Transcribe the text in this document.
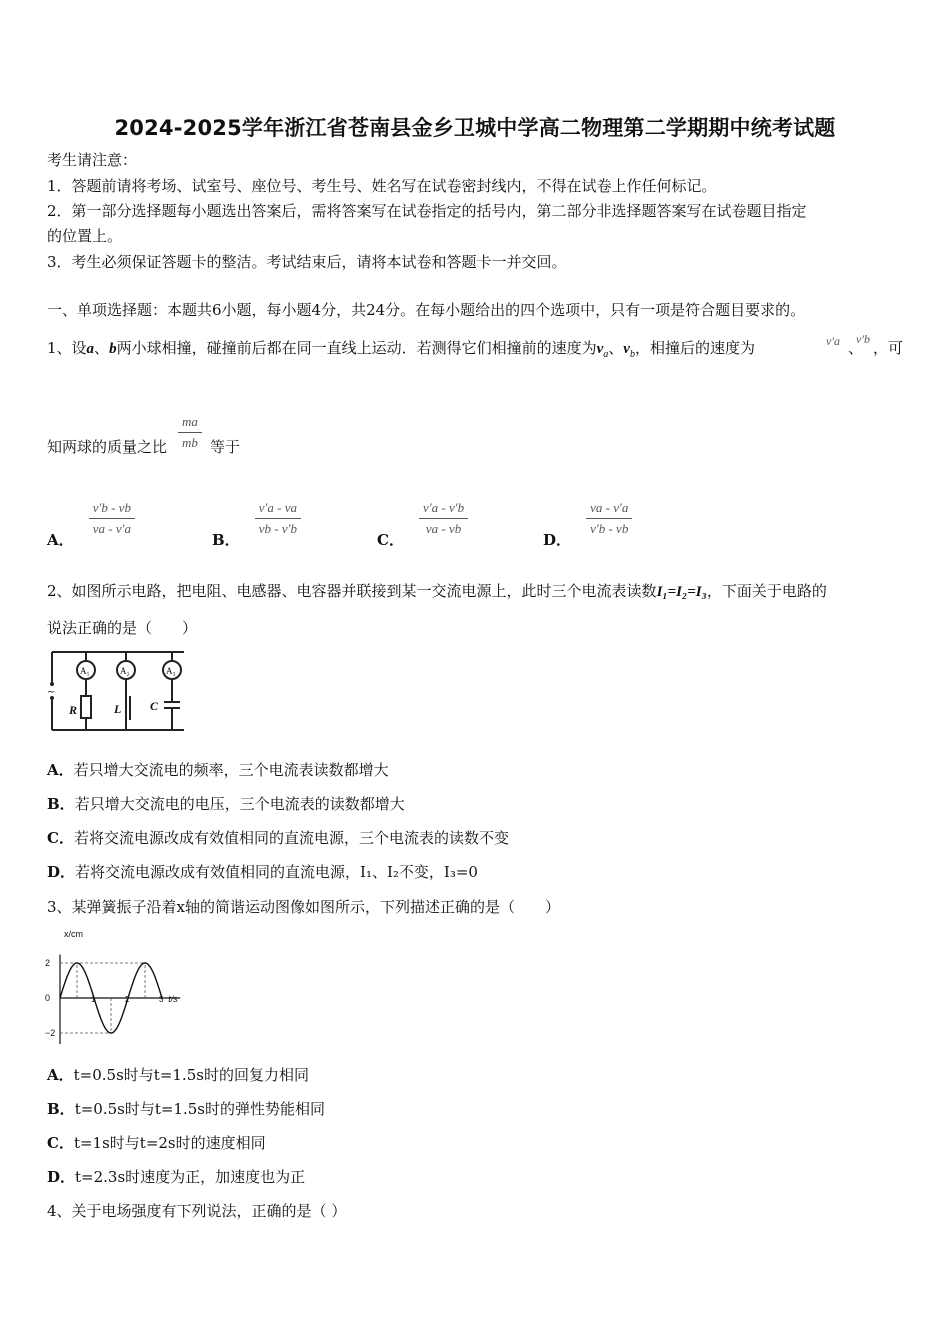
2024-2025学年浙江省苍南县金乡卫城中学高二物理第二学期期中统考试题
考生请注意：
1．答题前请将考场、试室号、座位号、考生号、姓名写在试卷密封线内，不得在试卷上作任何标记。
2．第一部分选择题每小题选出答案后，需将答案写在试卷指定的括号内，第二部分非选择题答案写在试卷题目指定
的位置上。
3．考生必须保证答题卡的整洁。考试结束后，请将本试卷和答题卡一并交回。
一、单项选择题：本题共6小题，每小题4分，共24分。在每小题给出的四个选项中，只有一项是符合题目要求的。
1、设a、b两小球相撞，碰撞前后都在同一直线上运动．若测得它们相撞前的速度为$v_a$、$v_b$，相撞后的速度为	v′a 、
v′b ，可
知两球的质量之比 $\frac{ma}{mb}$ 等于
A．
$\frac{v'b - vb}{va - v'a}$
B．
$\frac{v'a - va}{vb - v'b}$
C．
$\frac{v'a - v'b}{va - vb}$
D．
$\frac{va - v'a}{v'b - vb}$
2、如图所示电路，把电阻、电感器、电容器并联接到某一交流电源上，此时三个电流表读数I₁=I₂=I₃，下面关于电路的
说法正确的是（　　）
A₁	A₂	A₃
R	L C
~
A．若只增大交流电的频率，三个电流表读数都增大
B．若只增大交流电的电压，三个电流表的读数都增大
C．若将交流电源改成有效值相同的直流电源，三个电流表的读数不变
D．若将交流电源改成有效值相同的直流电源，I₁、I₂不变，I₃=0
3、某弹簧振子沿着x轴的简谐运动图像如图所示，下列描述正确的是（　　）
x/cm
t/s
1	2	3
2
0
−2
A．t=0.5s时与t=1.5s时的回复力相同
B．t=0.5s时与t=1.5s时的弹性势能相同
C．t=1s时与t=2s时的速度相同
D．t=2.3s时速度为正，加速度也为正
4、关于电场强度有下列说法，正确的是（ ）
